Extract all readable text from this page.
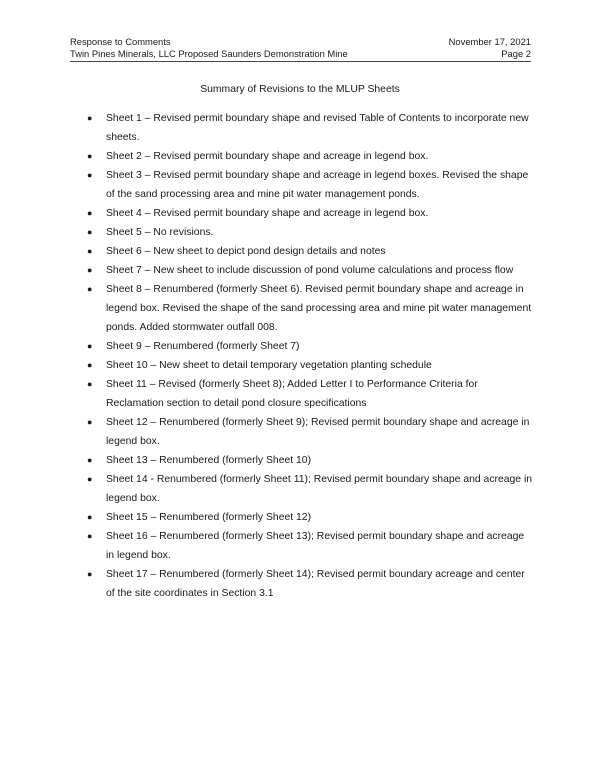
Response to Comments	November 17, 2021
Twin Pines Minerals, LLC Proposed Saunders Demonstration Mine	Page 2
Summary of Revisions to the MLUP Sheets
● Sheet 1 – Revised permit boundary shape and revised Table of Contents to incorporate new sheets.
● Sheet 2 – Revised permit boundary shape and acreage in legend box.
● Sheet 3 – Revised permit boundary shape and acreage in legend boxes. Revised the shape of the sand processing area and mine pit water management ponds.
● Sheet 4 – Revised permit boundary shape and acreage in legend box.
● Sheet 5 – No revisions.
● Sheet 6 – New sheet to depict pond design details and notes
● Sheet 7 – New sheet to include discussion of pond volume calculations and process flow
● Sheet 8 – Renumbered (formerly Sheet 6). Revised permit boundary shape and acreage in legend box. Revised the shape of the sand processing area and mine pit water management ponds. Added stormwater outfall 008.
● Sheet 9 – Renumbered (formerly Sheet 7)
● Sheet 10 – New sheet to detail temporary vegetation planting schedule
● Sheet 11 – Revised (formerly Sheet 8); Added Letter I to Performance Criteria for Reclamation section to detail pond closure specifications
● Sheet 12 – Renumbered (formerly Sheet 9); Revised permit boundary shape and acreage in legend box.
● Sheet 13 – Renumbered (formerly Sheet 10)
● Sheet 14 - Renumbered (formerly Sheet 11); Revised permit boundary shape and acreage in legend box.
● Sheet 15 – Renumbered (formerly Sheet 12)
● Sheet 16 – Renumbered (formerly Sheet 13); Revised permit boundary shape and acreage in legend box.
● Sheet 17 – Renumbered (formerly Sheet 14); Revised permit boundary acreage and center of the site coordinates in Section 3.1
